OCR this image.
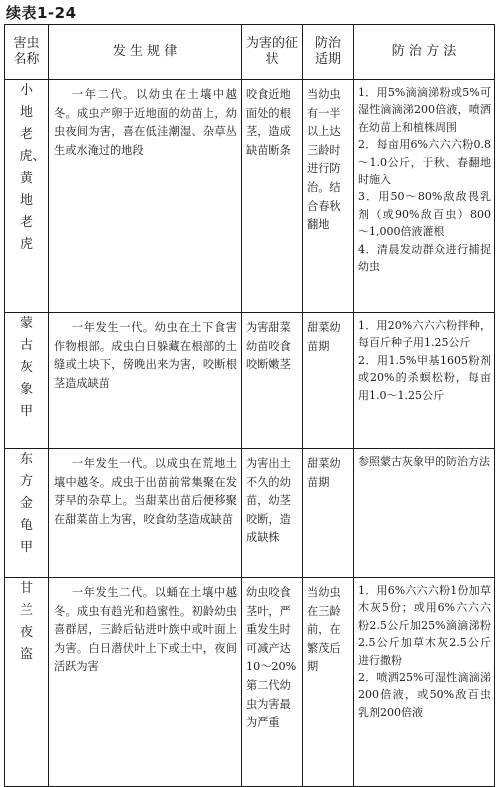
续表1-24
害虫名称	发 生 规 律	为害的征状	防治适期	防 治 方 法

小地老虎、黄地老虎	一年二代。以幼虫在土壤中越冬。成虫产卵于近地面的幼苗上，幼虫夜间为害，喜在低洼潮湿、杂草丛生或水淹过的地段	咬食近地面处的根茎，造成缺苗断条	当幼虫有一半以上达三龄时进行防治。结合春秋翻地	1．用5%滴滴涕粉或5%可湿性滴滴涕200倍液，喷洒在幼苗上和植株周围
2．每亩用6%六六六粉0.8～1.0公斤，于秋、春翻地时施入
3．用50～80%敌敌畏乳剂（或90%敌百虫）800～1,000倍液灌根
4．清晨发动群众进行捕捉幼虫

蒙古灰象甲	一年发生一代。幼虫在土下食害作物根部。成虫白日躲藏在根部的土缝或土块下，傍晚出来为害，咬断根茎造成缺苗	为害甜菜幼苗咬食咬断嫩茎	甜菜幼苗期	1．用20%六六六粉拌种，每百斤种子用1.25公斤
2．用1.5%甲基1605粉剂或20%的杀螟松粉，每亩用1.0～1.25公斤

东方金龟甲	一年发生一代。以成虫在荒地土壤中越冬。成虫于出苗前常集聚在发芽早的杂草上。当甜菜出苗后便移聚在甜菜苗上为害，咬食幼茎造成缺苗	为害出土不久的幼苗，幼茎咬断，造成缺株	甜菜幼苗期	参照蒙古灰象甲的防治方法

甘兰夜盗	一年发生二代。以蛹在土壤中越冬。成虫有趋光和趋蜜性。初龄幼虫喜群居，三龄后钻进叶族中或叶面上为害。白日潜伏叶上下或土中，夜间活跃为害	幼虫咬食茎叶，严重发生时可减产达10～20%　第二代幼虫为害最为严重	当幼虫在三龄前，在繁茂后期	1．用6%六六六粉1份加草木灰5份；或用6%六六六粉2.5公斤加25%滴滴涕粉2.5公斤加草木灰2.5公斤进行撒粉
2．喷洒25%可湿性滴滴涕200倍液，或50%敌百虫乳剂200倍液
